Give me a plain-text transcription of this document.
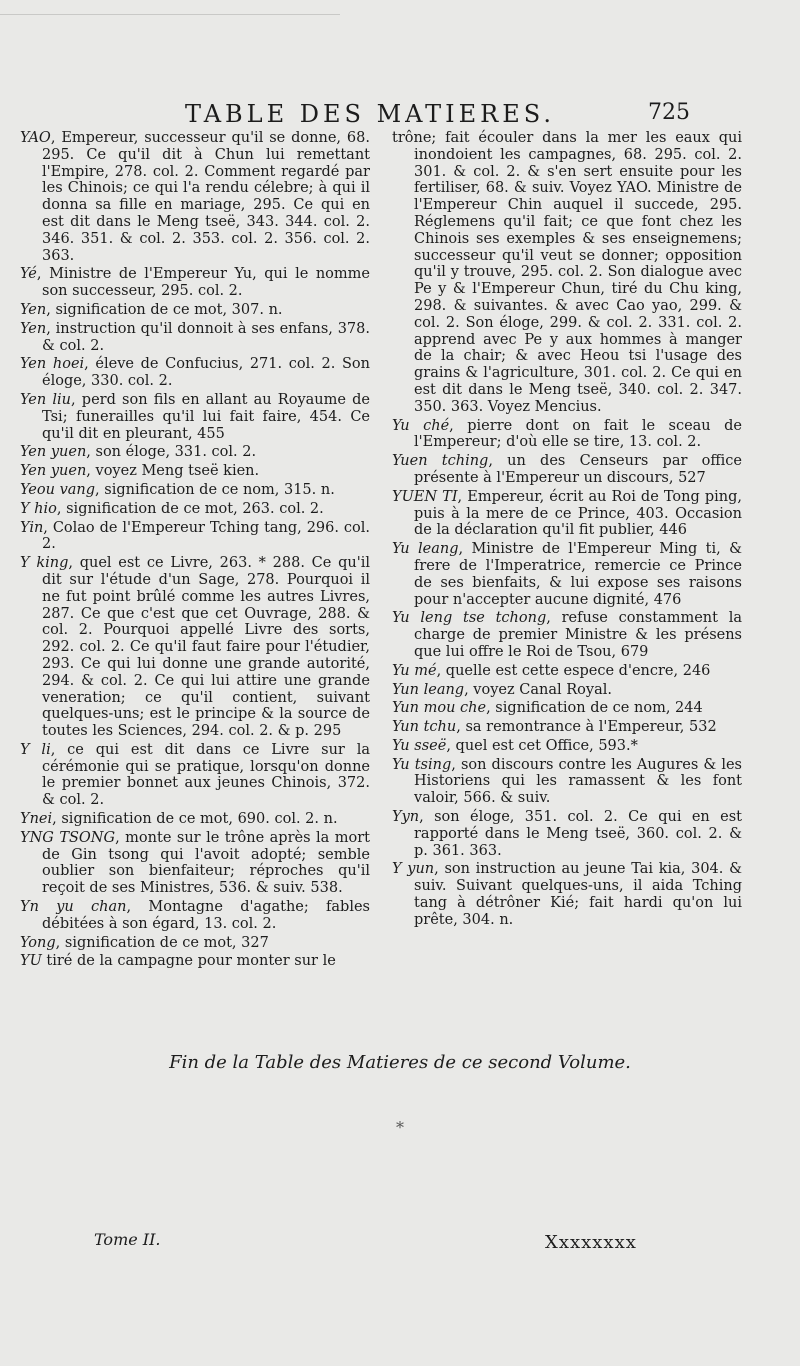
TABLE DES MATIERES.	725

YAO, Empereur, successeur qu'il se donne, 68. 295. Ce qu'il dit à Chun lui remettant l'Empire, 278. col. 2. Comment regardé par les Chinois; ce qui l'a rendu célebre; à qui il donna sa fille en mariage, 295. Ce qui en est dit dans le Meng tseë, 343. 344. col. 2. 346. 351. & col. 2. 353. col. 2. 356. col. 2. 363.

Yé, Ministre de l'Empereur Yu, qui le nomme son successeur, 295. col. 2.

Yen, signification de ce mot, 307. n.

Yen, instruction qu'il donnoit à ses enfans, 378. & col. 2.

Yen hoei, éleve de Confucius, 271. col. 2. Son éloge, 330. col. 2.

Yen liu, perd son fils en allant au Royaume de Tsi; funerailles qu'il lui fait faire, 454. Ce qu'il dit en pleurant, 455

Yen yuen, son éloge, 331. col. 2.

Yen yuen, voyez Meng tseë kien.

Yeou vang, signification de ce nom, 315. n.

Y hio, signification de ce mot, 263. col. 2.

Yin, Colao de l'Empereur Tching tang, 296. col. 2.

Y king, quel est ce Livre, 263. * 288. Ce qu'il dit sur l'étude d'un Sage, 278. Pourquoi il ne fut point brûlé comme les autres Livres, 287. Ce que c'est que cet Ouvrage, 288. & col. 2. Pourquoi appellé Livre des sorts, 292. col. 2. Ce qu'il faut faire pour l'étudier, 293. Ce qui lui donne une grande autorité, 294. & col. 2. Ce qui lui attire une grande veneration; ce qu'il contient, suivant quelques-uns; est le principe & la source de toutes les Sciences, 294. col. 2. & p. 295

Y li, ce qui est dit dans ce Livre sur la cérémonie qui se pratique, lorsqu'on donne le premier bonnet aux jeunes Chinois, 372. & col. 2.

Ynei, signification de ce mot, 690. col. 2. n.

YNG TSONG, monte sur le trône après la mort de Gin tsong qui l'avoit adopté; semble oublier son bienfaiteur; réproches qu'il reçoit de ses Ministres, 536. & suiv. 538.

Yn yu chan, Montagne d'agathe; fables débitées à son égard, 13. col. 2.

Yong, signification de ce mot, 327

YU tiré de la campagne pour monter sur le

trône; fait écouler dans la mer les eaux qui inondoient les campagnes, 68. 295. col. 2. 301. & col. 2. & s'en sert ensuite pour les fertiliser, 68. & suiv. Voyez YAO. Ministre de l'Empereur Chin auquel il succede, 295. Réglemens qu'il fait; ce que font chez les Chinois ses exemples & ses enseignemens; successeur qu'il veut se donner; opposition qu'il y trouve, 295. col. 2. Son dialogue avec Pe y & l'Empereur Chun, tiré du Chu king, 298. & suivantes. & avec Cao yao, 299. & col. 2. Son éloge, 299. & col. 2. 331. col. 2. apprend avec Pe y aux hommes à manger de la chair; & avec Heou tsi l'usage des grains & l'agriculture, 301. col. 2. Ce qui en est dit dans le Meng tseë, 340. col. 2. 347. 350. 363. Voyez Mencius.

Yu ché, pierre dont on fait le sceau de l'Empereur; d'où elle se tire, 13. col. 2.

Yuen tching, un des Censeurs par office présente à l'Empereur un discours, 527

YUEN TI, Empereur, écrit au Roi de Tong ping, puis à la mere de ce Prince, 403. Occasion de la déclaration qu'il fit publier, 446

Yu leang, Ministre de l'Empereur Ming ti, & frere de l'Imperatrice, remercie ce Prince de ses bienfaits, & lui expose ses raisons pour n'accepter aucune dignité, 476

Yu leng tse tchong, refuse constamment la charge de premier Ministre & les présens que lui offre le Roi de Tsou, 679

Yu mé, quelle est cette espece d'encre, 246

Yun leang, voyez Canal Royal.

Yun mou che, signification de ce nom, 244

Yun tchu, sa remontrance à l'Empereur, 532

Yu sseë, quel est cet Office, 593.*

Yu tsing, son discours contre les Augures & les Historiens qui les ramassent & les font valoir, 566. & suiv.

Yyn, son éloge, 351. col. 2. Ce qui en est rapporté dans le Meng tseë, 360. col. 2. & p. 361. 363.

Y yun, son instruction au jeune Tai kia, 304. & suiv. Suivant quelques-uns, il aida Tching tang à détrôner Kié; fait hardi qu'on lui prête, 304. n.

Fin de la Table des Matieres de ce second Volume.
*
Tome II.	Xxxxxxxx
